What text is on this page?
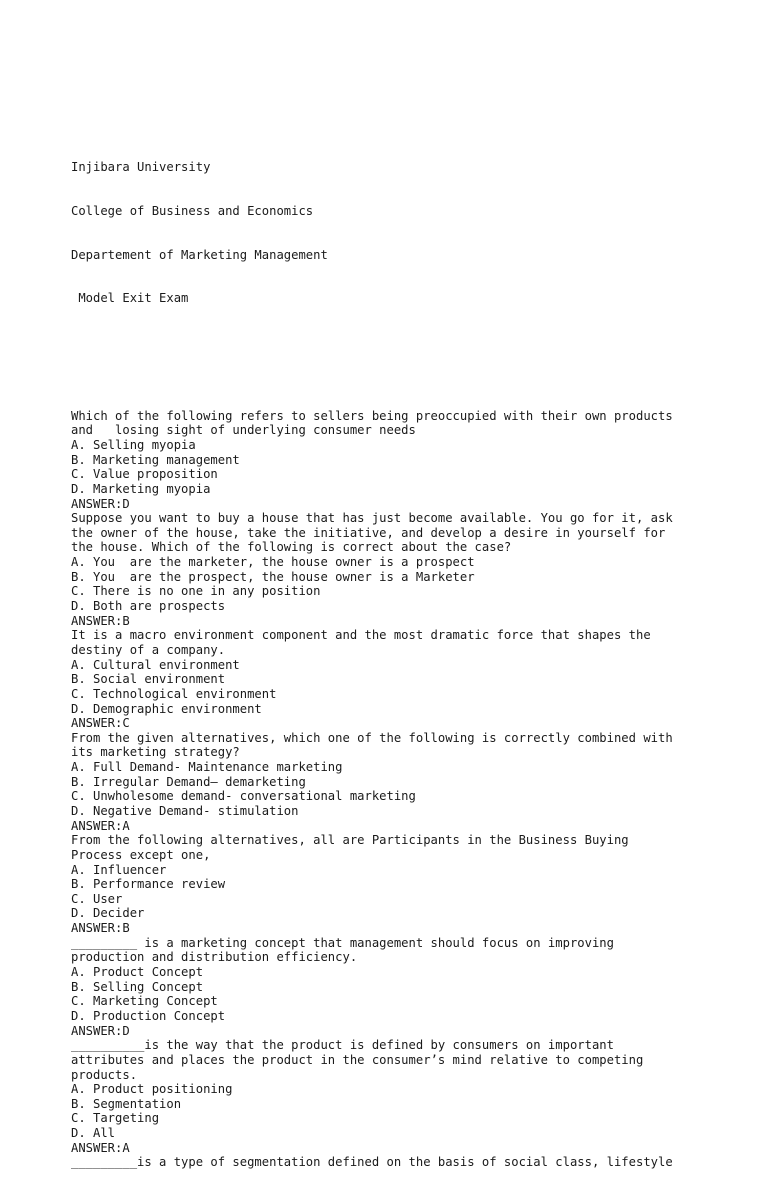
Injibara University

College of Business and Economics

Departement of Marketing Management

Model Exit Exam

Which of the following refers to sellers being preoccupied with their own products
and   losing sight of underlying consumer needs
A. Selling myopia
B. Marketing management
C. Value proposition
D. Marketing myopia
ANSWER:D
Suppose you want to buy a house that has just become available. You go for it, ask
the owner of the house, take the initiative, and develop a desire in yourself for
the house. Which of the following is correct about the case?
A. You  are the marketer, the house owner is a prospect
B. You  are the prospect, the house owner is a Marketer
C. There is no one in any position
D. Both are prospects
ANSWER:B
It is a macro environment component and the most dramatic force that shapes the
destiny of a company.
A. Cultural environment
B. Social environment
C. Technological environment
D. Demographic environment
ANSWER:C
From the given alternatives, which one of the following is correctly combined with
its marketing strategy?
A. Full Demand- Maintenance marketing
B. Irregular Demand— demarketing
C. Unwholesome demand- conversational marketing
D. Negative Demand- stimulation
ANSWER:A
From the following alternatives, all are Participants in the Business Buying
Process except one,
A. Influencer
B. Performance review
C. User
D. Decider
ANSWER:B
_________ is a marketing concept that management should focus on improving
production and distribution efficiency.
A. Product Concept
B. Selling Concept
C. Marketing Concept
D. Production Concept
ANSWER:D
__________is the way that the product is defined by consumers on important
attributes and places the product in the consumer’s mind relative to competing
products.
A. Product positioning
B. Segmentation
C. Targeting
D. All
ANSWER:A
_________is a type of segmentation defined on the basis of social class, lifestyle
